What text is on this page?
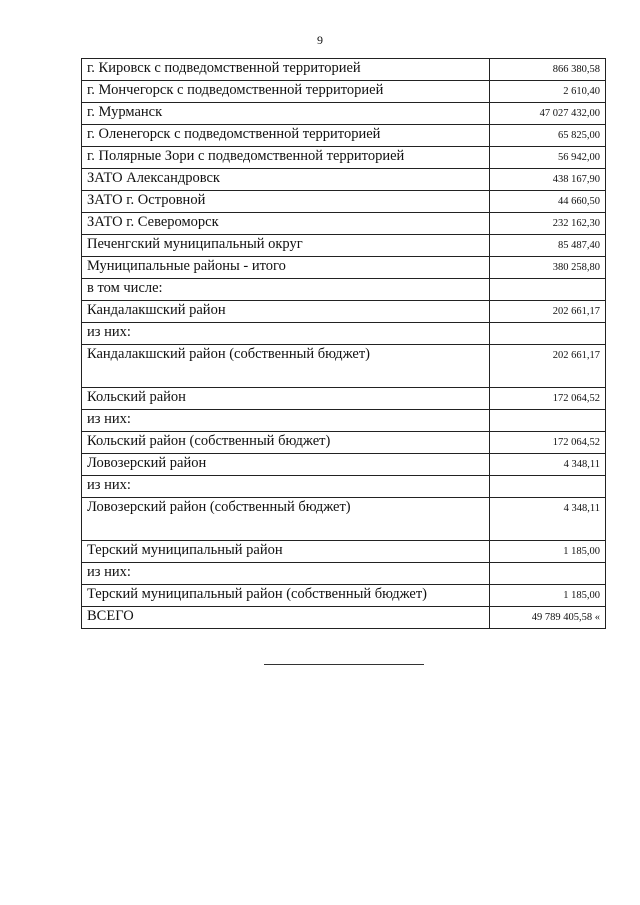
9
г. Кировск с подведомственной территорией	866 380,58
г. Мончегорск с подведомственной территорией	2 610,40
г. Мурманск	47 027 432,00
г. Оленегорск с подведомственной территорией	65 825,00
г. Полярные Зори с подведомственной территорией	56 942,00
ЗАТО Александровск	438 167,90
ЗАТО г. Островной	44 660,50
ЗАТО г. Североморск	232 162,30
Печенгский муниципальный округ	85 487,40
Муниципальные районы - итого	380 258,80
в том числе:	
Кандалакшский район	202 661,17
из них:	
Кандалакшский район (собственный бюджет)	202 661,17
Кольский район	172 064,52
из них:	
Кольский район (собственный бюджет)	172 064,52
Ловозерский район	4 348,11
из них:	
Ловозерский район (собственный бюджет)	4 348,11
Терский муниципальный район	1 185,00
из них:	
Терский муниципальный район (собственный бюджет)	1 185,00
ВСЕГО	49 789 405,58 «
